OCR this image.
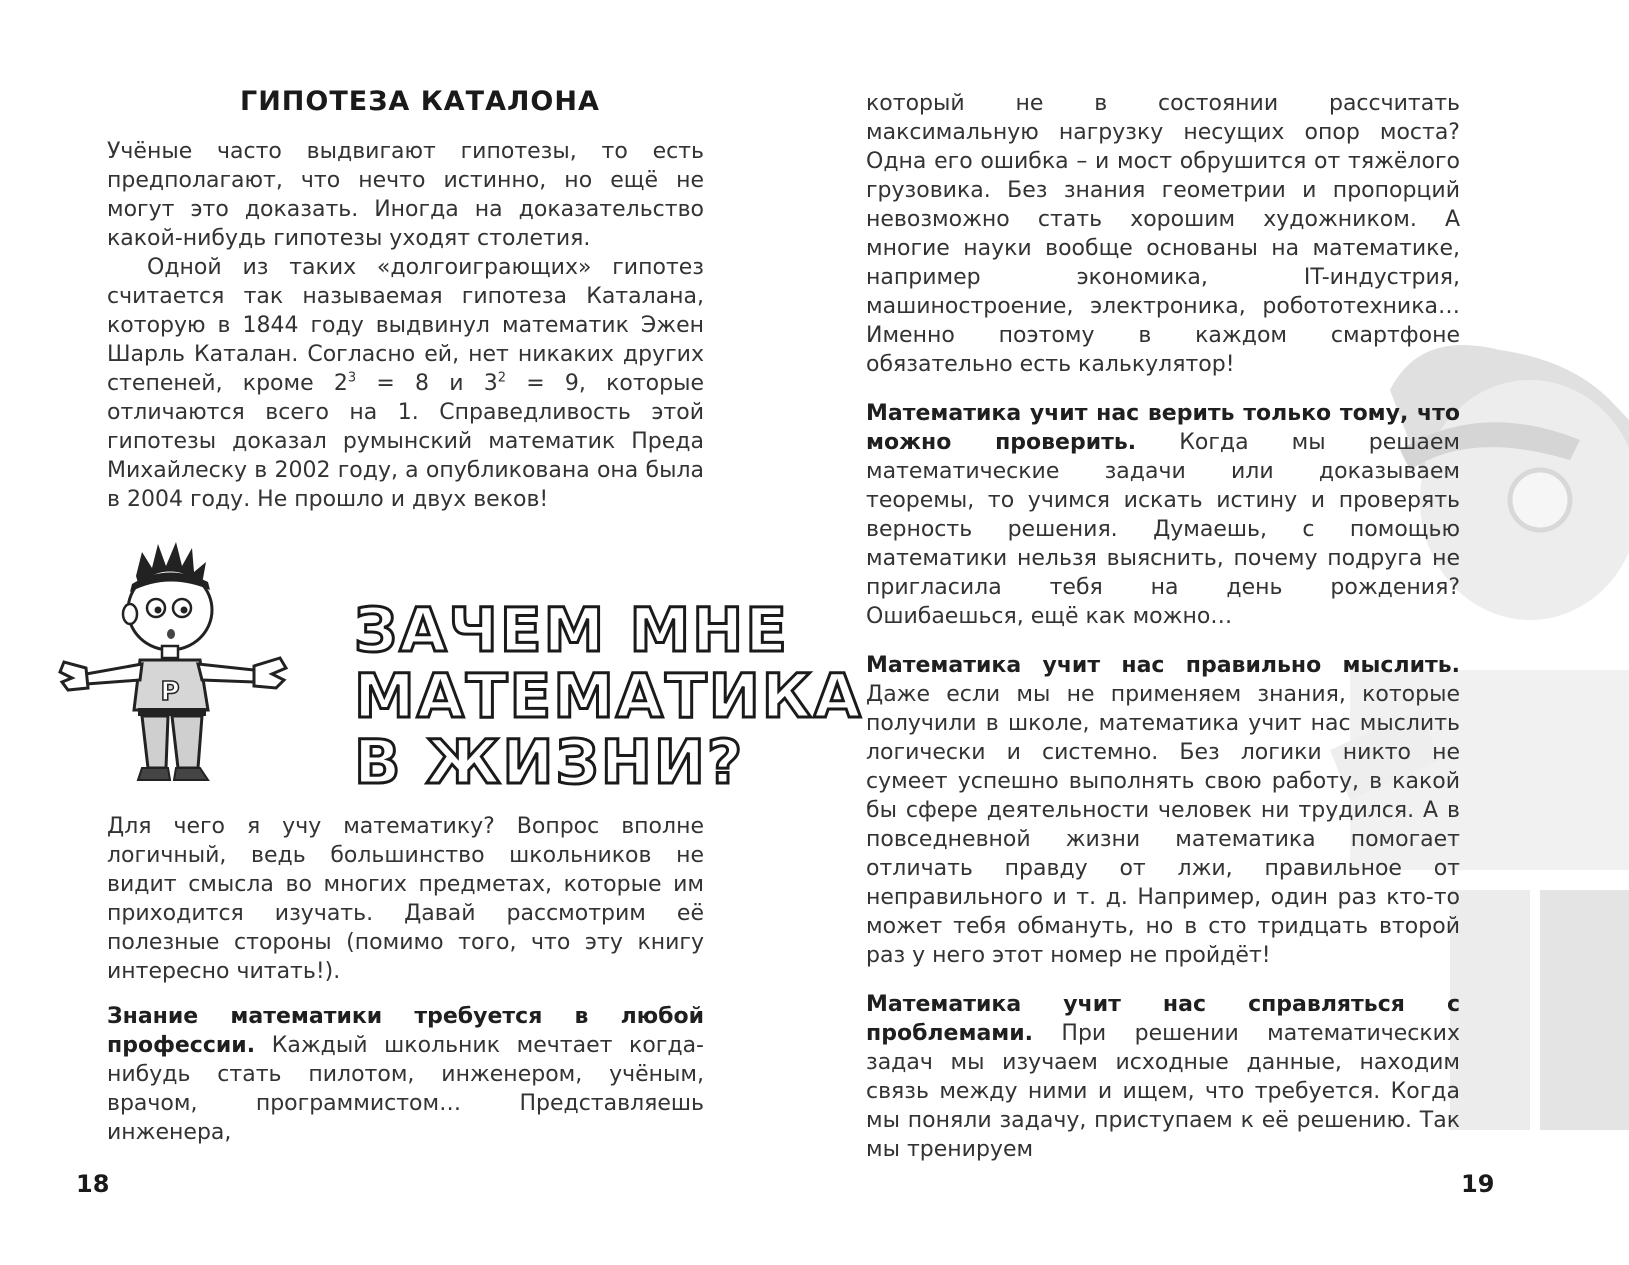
ГИПОТЕЗА КАТАЛОНА

Учёные часто выдвигают гипотезы, то есть предполагают, что нечто истинно, но ещё не могут это доказать. Иногда на доказательство какой-нибудь гипотезы уходят столетия.

Одной из таких «долгоиграющих» гипотез считается так называемая гипотеза Каталана, которую в 1844 году выдвинул математик Эжен Шарль Каталан. Согласно ей, нет никаких других степеней, кроме $2^3 = 8$ и $3^2 = 9$, которые отличаются всего на 1. Справедливость этой гипотезы доказал румынский математик Преда Михайлеску в 2002 году, а опубликована она была в 2004 году. Не прошло и двух веков!

P
ЗАЧЕМ МНЕ
МАТЕМАТИКА
В ЖИЗНИ?

Для чего я учу математику? Вопрос вполне логичный, ведь большинство школьников не видит смысла во многих предметах, которые им приходится изучать. Давай рассмотрим её полезные стороны (помимо того, что эту книгу интересно читать!).

Знание математики требуется в любой профессии. Каждый школьник мечтает когда-нибудь стать пилотом, инженером, учёным, врачом, программистом… Представляешь инженера,

18

который не в состоянии рассчитать максимальную нагрузку несущих опор моста? Одна его ошибка – и мост обрушится от тяжёлого грузовика. Без знания геометрии и пропорций невозможно стать хорошим художником. А многие науки вообще основаны на математике, например экономика, IT-индустрия, машиностроение, электроника, робототехника… Именно поэтому в каждом смартфоне обязательно есть калькулятор!

Математика учит нас верить только тому, что можно проверить. Когда мы решаем математические задачи или доказываем теоремы, то учимся искать истину и проверять верность решения. Думаешь, с помощью математики нельзя выяснить, почему подруга не пригласила тебя на день рождения? Ошибаешься, ещё как можно…

Математика учит нас правильно мыслить. Даже если мы не применяем знания, которые получили в школе, математика учит нас мыслить логически и системно. Без логики никто не сумеет успешно выполнять свою работу, в какой бы сфере деятельности человек ни трудился. А в повседневной жизни математика помогает отличать правду от лжи, правильное от неправильного и т. д. Например, один раз кто-то может тебя обмануть, но в сто тридцать второй раз у него этот номер не пройдёт!

Математика учит нас справляться с проблемами. При решении математических задач мы изучаем исходные данные, находим связь между ними и ищем, что требуется. Когда мы поняли задачу, приступаем к её решению. Так мы тренируем

19
